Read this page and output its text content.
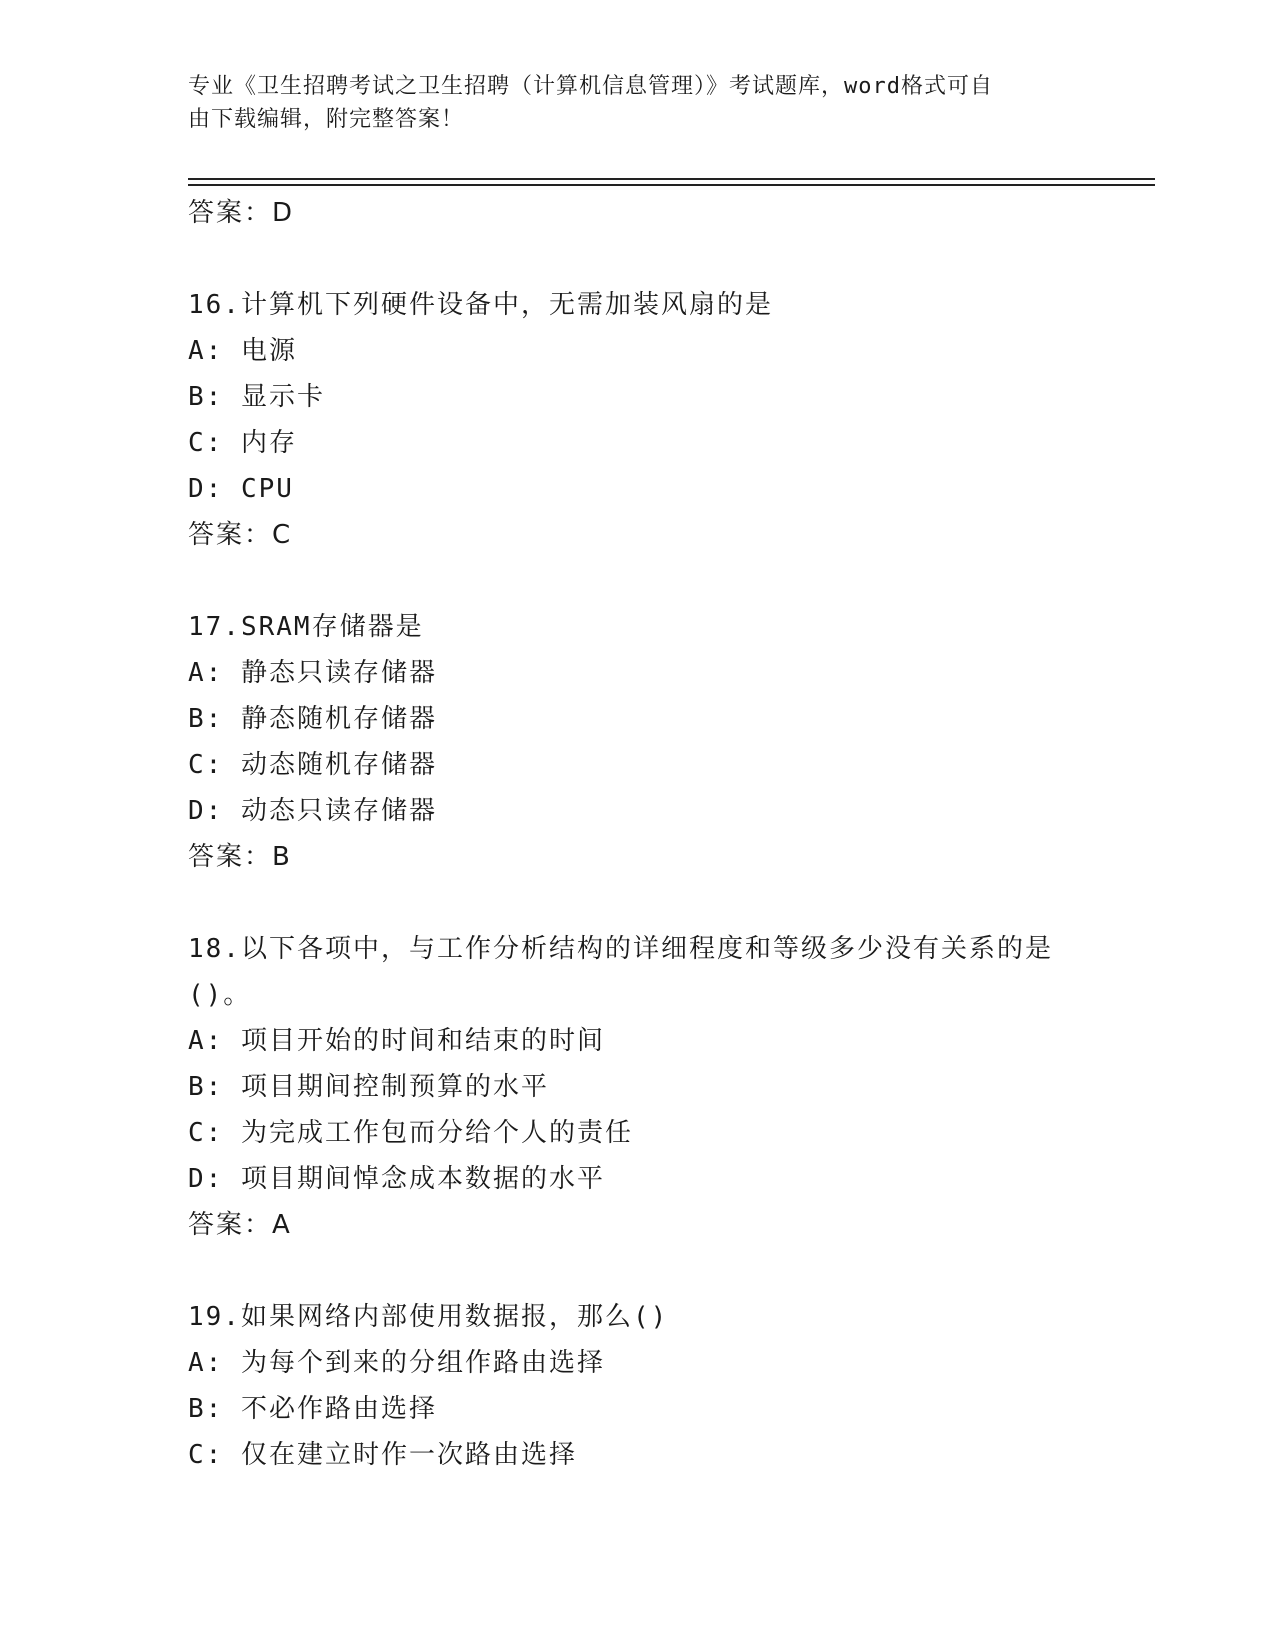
专业《卫生招聘考试之卫生招聘（计算机信息管理）》考试题库，word格式可自
由下载编辑，附完整答案！
答案：D
16.计算机下列硬件设备中，无需加装风扇的是
A: 电源
B: 显示卡
C: 内存
D: CPU
答案：C
17.SRAM存储器是
A: 静态只读存储器
B: 静态随机存储器
C: 动态随机存储器
D: 动态只读存储器
答案：B
18.以下各项中，与工作分析结构的详细程度和等级多少没有关系的是
()。
A: 项目开始的时间和结束的时间
B: 项目期间控制预算的水平
C: 为完成工作包而分给个人的责任
D: 项目期间悼念成本数据的水平
答案：A
19.如果网络内部使用数据报，那么()
A: 为每个到来的分组作路由选择
B: 不必作路由选择
C: 仅在建立时作一次路由选择
